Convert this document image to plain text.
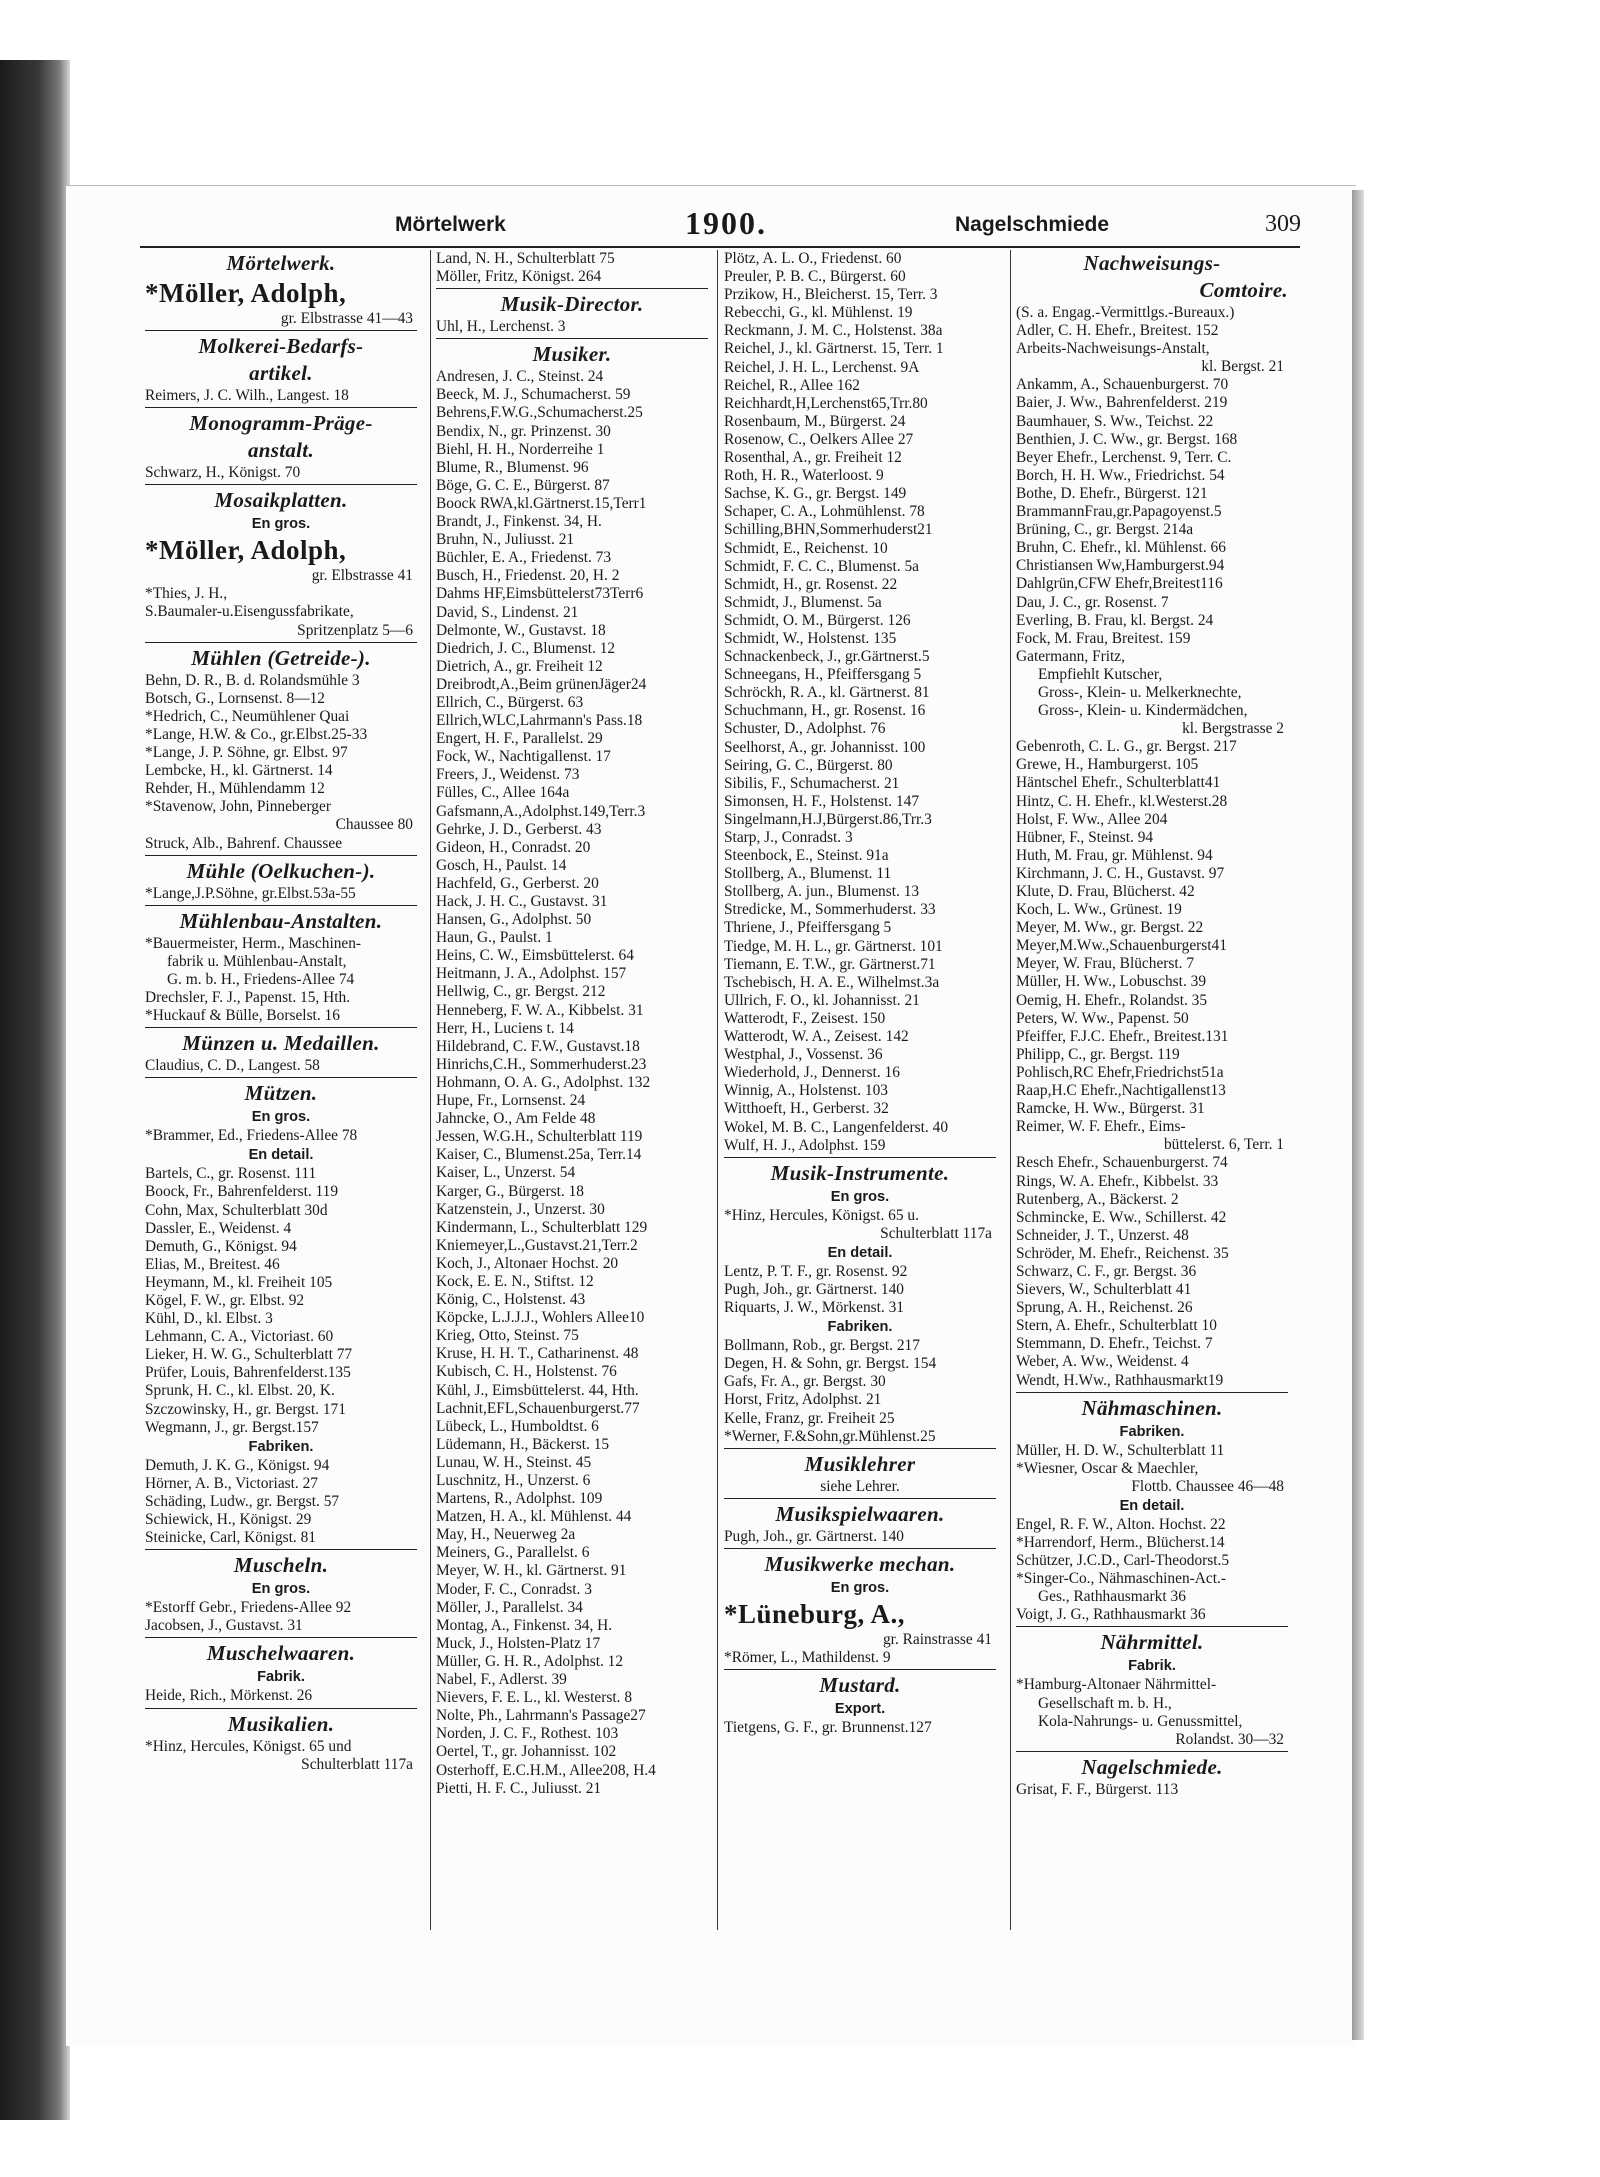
Mörtelwerk	1900.	Nagelschmiede	309
Mörtelwerk.
*Möller, Adolph,
gr. Elbstrasse 41—43
Molkerei-Bedarfs-
artikel.
Reimers, J. C. Wilh., Langest. 18
Monogramm-Präge-
anstalt.
Schwarz, H., Königst. 70
Mosaikplatten.
En gros.
*Möller, Adolph,
gr. Elbstrasse 41
*Thies, J. H.,
S.Baumaler-u.Eisengussfabrikate,
Spritzenplatz 5—6
Mühlen (Getreide-).
Behn, D. R., B. d. Rolandsmühle 3
Botsch, G., Lornsenst. 8—12
*Hedrich, C., Neumühlener Quai
*Lange, H.W. & Co., gr.Elbst.25-33
*Lange, J. P. Söhne, gr. Elbst. 97
Lembcke, H., kl. Gärtnerst. 14
Rehder, H., Mühlendamm 12
*Stavenow, John, Pinneberger
Chaussee 80
Struck, Alb., Bahrenf. Chaussee
Mühle (Oelkuchen-).
*Lange,J.P.Söhne, gr.Elbst.53a-55
Mühlenbau-Anstalten.
*Bauermeister, Herm., Maschinen-
fabrik u. Mühlenbau-Anstalt,
G. m. b. H., Friedens-Allee 74
Drechsler, F. J., Papenst. 15, Hth.
*Huckauf & Bülle, Borselst. 16
Münzen u. Medaillen.
Claudius, C. D., Langest. 58
Mützen.
En gros.
*Brammer, Ed., Friedens-Allee 78
En detail.
Bartels, C., gr. Rosenst. 111
Boock, Fr., Bahrenfelderst. 119
Cohn, Max, Schulterblatt 30d
Dassler, E., Weidenst. 4
Demuth, G., Königst. 94
Elias, M., Breitest. 46
Heymann, M., kl. Freiheit 105
Kögel, F. W., gr. Elbst. 92
Kühl, D., kl. Elbst. 3
Lehmann, C. A., Victoriast. 60
Lieker, H. W. G., Schulterblatt 77
Prüfer, Louis, Bahrenfelderst.135
Sprunk, H. C., kl. Elbst. 20, K.
Szczowinsky, H., gr. Bergst. 171
Wegmann, J., gr. Bergst.157
Fabriken.
Demuth, J. K. G., Königst. 94
Hörner, A. B., Victoriast. 27
Schäding, Ludw., gr. Bergst. 57
Schiewick, H., Königst. 29
Steinicke, Carl, Königst. 81
Muscheln.
En gros.
*Estorff Gebr., Friedens-Allee 92
Jacobsen, J., Gustavst. 31
Muschelwaaren.
Fabrik.
Heide, Rich., Mörkenst. 26
Musikalien.
*Hinz, Hercules, Königst. 65 und
Schulterblatt 117a
Land, N. H., Schulterblatt 75
Möller, Fritz, Königst. 264
Musik-Director.
Uhl, H., Lerchenst. 3
Musiker.
Andresen, J. C., Steinst. 24
Beeck, M. J., Schumacherst. 59
Behrens,F.W.G.,Schumacherst.25
Bendix, N., gr. Prinzenst. 30
Biehl, H. H., Norderreihe 1
Blume, R., Blumenst. 96
Böge, G. C. E., Bürgerst. 87
Boock RWA,kl.Gärtnerst.15,Terr1
Brandt, J., Finkenst. 34, H.
Bruhn, N., Juliusst. 21
Büchler, E. A., Friedenst. 73
Busch, H., Friedenst. 20, H. 2
Dahms HF,Eimsbüttelerst73Terr6
David, S., Lindenst. 21
Delmonte, W., Gustavst. 18
Diedrich, J. C., Blumenst. 12
Dietrich, A., gr. Freiheit 12
Dreibrodt,A.,Beim grünenJäger24
Ellrich, C., Bürgerst. 63
Ellrich,WLC,Lahrmann's Pass.18
Engert, H. F., Parallelst. 29
Fock, W., Nachtigallenst. 17
Freers, J., Weidenst. 73
Fülles, C., Allee 164a
Gafsmann,A.,Adolphst.149,Terr.3
Gehrke, J. D., Gerberst. 43
Gideon, H., Conradst. 20
Gosch, H., Paulst. 14
Hachfeld, G., Gerberst. 20
Hack, J. H. C., Gustavst. 31
Hansen, G., Adolphst. 50
Haun, G., Paulst. 1
Heins, C. W., Eimsbüttelerst. 64
Heitmann, J. A., Adolphst. 157
Hellwig, C., gr. Bergst. 212
Henneberg, F. W. A., Kibbelst. 31
Herr, H., Luciens t. 14
Hildebrand, C. F.W., Gustavst.18
Hinrichs,C.H., Sommerhuderst.23
Hohmann, O. A. G., Adolphst. 132
Hupe, Fr., Lornsenst. 24
Jahncke, O., Am Felde 48
Jessen, W.G.H., Schulterblatt 119
Kaiser, C., Blumenst.25a, Terr.14
Kaiser, L., Unzerst. 54
Karger, G., Bürgerst. 18
Katzenstein, J., Unzerst. 30
Kindermann, L., Schulterblatt 129
Kniemeyer,L.,Gustavst.21,Terr.2
Koch, J., Altonaer Hochst. 20
Kock, E. E. N., Stiftst. 12
König, C., Holstenst. 43
Köpcke, L.J.J.J., Wohlers Allee10
Krieg, Otto, Steinst. 75
Kruse, H. H. T., Catharinenst. 48
Kubisch, C. H., Holstenst. 76
Kühl, J., Eimsbüttelerst. 44, Hth.
Lachnit,EFL,Schauenburgerst.77
Lübeck, L., Humboldtst. 6
Lüdemann, H., Bäckerst. 15
Lunau, W. H., Steinst. 45
Luschnitz, H., Unzerst. 6
Martens, R., Adolphst. 109
Matzen, H. A., kl. Mühlenst. 44
May, H., Neuerweg 2a
Meiners, G., Parallelst. 6
Meyer, W. H., kl. Gärtnerst. 91
Moder, F. C., Conradst. 3
Möller, J., Parallelst. 34
Montag, A., Finkenst. 34, H.
Muck, J., Holsten-Platz 17
Müller, G. H. R., Adolphst. 12
Nabel, F., Adlerst. 39
Nievers, F. E. L., kl. Westerst. 8
Nolte, Ph., Lahrmann's Passage27
Norden, J. C. F., Rothest. 103
Oertel, T., gr. Johannisst. 102
Osterhoff, E.C.H.M., Allee208, H.4
Pietti, H. F. C., Juliusst. 21
Plötz, A. L. O., Friedenst. 60
Preuler, P. B. C., Bürgerst. 60
Przikow, H., Bleicherst. 15, Terr. 3
Rebecchi, G., kl. Mühlenst. 19
Reckmann, J. M. C., Holstenst. 38a
Reichel, J., kl. Gärtnerst. 15, Terr. 1
Reichel, J. H. L., Lerchenst. 9A
Reichel, R., Allee 162
Reichhardt,H,Lerchenst65,Trr.80
Rosenbaum, M., Bürgerst. 24
Rosenow, C., Oelkers Allee 27
Rosenthal, A., gr. Freiheit 12
Roth, H. R., Waterloost. 9
Sachse, K. G., gr. Bergst. 149
Schaper, C. A., Lohmühlenst. 78
Schilling,BHN,Sommerhuderst21
Schmidt, E., Reichenst. 10
Schmidt, F. C. C., Blumenst. 5a
Schmidt, H., gr. Rosenst. 22
Schmidt, J., Blumenst. 5a
Schmidt, O. M., Bürgerst. 126
Schmidt, W., Holstenst. 135
Schnackenbeck, J., gr.Gärtnerst.5
Schneegans, H., Pfeiffersgang 5
Schröckh, R. A., kl. Gärtnerst. 81
Schuchmann, H., gr. Rosenst. 16
Schuster, D., Adolphst. 76
Seelhorst, A., gr. Johannisst. 100
Seiring, G. C., Bürgerst. 80
Sibilis, F., Schumacherst. 21
Simonsen, H. F., Holstenst. 147
Singelmann,H.J,Bürgerst.86,Trr.3
Starp, J., Conradst. 3
Steenbock, E., Steinst. 91a
Stollberg, A., Blumenst. 11
Stollberg, A. jun., Blumenst. 13
Stredicke, M., Sommerhuderst. 33
Thriene, J., Pfeiffersgang 5
Tiedge, M. H. L., gr. Gärtnerst. 101
Tiemann, E. T.W., gr. Gärtnerst.71
Tschebisch, H. A. E., Wilhelmst.3a
Ullrich, F. O., kl. Johannisst. 21
Watterodt, F., Zeisest. 150
Watterodt, W. A., Zeisest. 142
Westphal, J., Vossenst. 36
Wiederhold, J., Dennerst. 16
Winnig, A., Holstenst. 103
Witthoeft, H., Gerberst. 32
Wokel, M. B. C., Langenfelderst. 40
Wulf, H. J., Adolphst. 159
Musik-Instrumente.
En gros.
*Hinz, Hercules, Königst. 65 u.
Schulterblatt 117a
En detail.
Lentz, P. T. F., gr. Rosenst. 92
Pugh, Joh., gr. Gärtnerst. 140
Riquarts, J. W., Mörkenst. 31
Fabriken.
Bollmann, Rob., gr. Bergst. 217
Degen, H. & Sohn, gr. Bergst. 154
Gafs, Fr. A., gr. Bergst. 30
Horst, Fritz, Adolphst. 21
Kelle, Franz, gr. Freiheit 25
*Werner, F.&Sohn,gr.Mühlenst.25
Musiklehrer
siehe Lehrer.
Musikspielwaaren.
Pugh, Joh., gr. Gärtnerst. 140
Musikwerke mechan.
En gros.
*Lüneburg, A.,
gr. Rainstrasse 41
*Römer, L., Mathildenst. 9
Mustard.
Export.
Tietgens, G. F., gr. Brunnenst.127
Nachweisungs-
Comtoire.
(S. a. Engag.-Vermittlgs.-Bureaux.)
Adler, C. H. Ehefr., Breitest. 152
Arbeits-Nachweisungs-Anstalt,
kl. Bergst. 21
Ankamm, A., Schauenburgerst. 70
Baier, J. Ww., Bahrenfelderst. 219
Baumhauer, S. Ww., Teichst. 22
Benthien, J. C. Ww., gr. Bergst. 168
Beyer Ehefr., Lerchenst. 9, Terr. C.
Borch, H. H. Ww., Friedrichst. 54
Bothe, D. Ehefr., Bürgerst. 121
BrammannFrau,gr.Papagoyenst.5
Brüning, C., gr. Bergst. 214a
Bruhn, C. Ehefr., kl. Mühlenst. 66
Christiansen Ww,Hamburgerst.94
Dahlgrün,CFW Ehefr,Breitest116
Dau, J. C., gr. Rosenst. 7
Everling, B. Frau, kl. Bergst. 24
Fock, M. Frau, Breitest. 159
Gatermann, Fritz,
Empfiehlt Kutscher,
Gross-, Klein- u. Melkerknechte,
Gross-, Klein- u. Kindermädchen,
kl. Bergstrasse 2
Gebenroth, C. L. G., gr. Bergst. 217
Grewe, H., Hamburgerst. 105
Häntschel Ehefr., Schulterblatt41
Hintz, C. H. Ehefr., kl.Westerst.28
Holst, F. Ww., Allee 204
Hübner, F., Steinst. 94
Huth, M. Frau, gr. Mühlenst. 94
Kirchmann, J. C. H., Gustavst. 97
Klute, D. Frau, Blücherst. 42
Koch, L. Ww., Grünest. 19
Meyer, M. Ww., gr. Bergst. 22
Meyer,M.Ww.,Schauenburgerst41
Meyer, W. Frau, Blücherst. 7
Müller, H. Ww., Lobuschst. 39
Oemig, H. Ehefr., Rolandst. 35
Peters, W. Ww., Papenst. 50
Pfeiffer, F.J.C. Ehefr., Breitest.131
Philipp, C., gr. Bergst. 119
Pohlisch,RC Ehefr,Friedrichst51a
Raap,H.C Ehefr.,Nachtigallenst13
Ramcke, H. Ww., Bürgerst. 31
Reimer, W. F. Ehefr., Eims-
büttelerst. 6, Terr. 1
Resch Ehefr., Schauenburgerst. 74
Rings, W. A. Ehefr., Kibbelst. 33
Rutenberg, A., Bäckerst. 2
Schmincke, E. Ww., Schillerst. 42
Schneider, J. T., Unzerst. 48
Schröder, M. Ehefr., Reichenst. 35
Schwarz, C. F., gr. Bergst. 36
Sievers, W., Schulterblatt 41
Sprung, A. H., Reichenst. 26
Stern, A. Ehefr., Schulterblatt 10
Stemmann, D. Ehefr., Teichst. 7
Weber, A. Ww., Weidenst. 4
Wendt, H.Ww., Rathhausmarkt19
Nähmaschinen.
Fabriken.
Müller, H. D. W., Schulterblatt 11
*Wiesner, Oscar & Maechler,
Flottb. Chaussee 46—48
En detail.
Engel, R. F. W., Alton. Hochst. 22
*Harrendorf, Herm., Blücherst.14
Schützer, J.C.D., Carl-Theodorst.5
*Singer-Co., Nähmaschinen-Act.-
Ges., Rathhausmarkt 36
Voigt, J. G., Rathhausmarkt 36
Nährmittel.
Fabrik.
*Hamburg-Altonaer Nährmittel-
Gesellschaft m. b. H.,
Kola-Nahrungs- u. Genussmittel,
Rolandst. 30—32
Nagelschmiede.
Grisat, F. F., Bürgerst. 113
